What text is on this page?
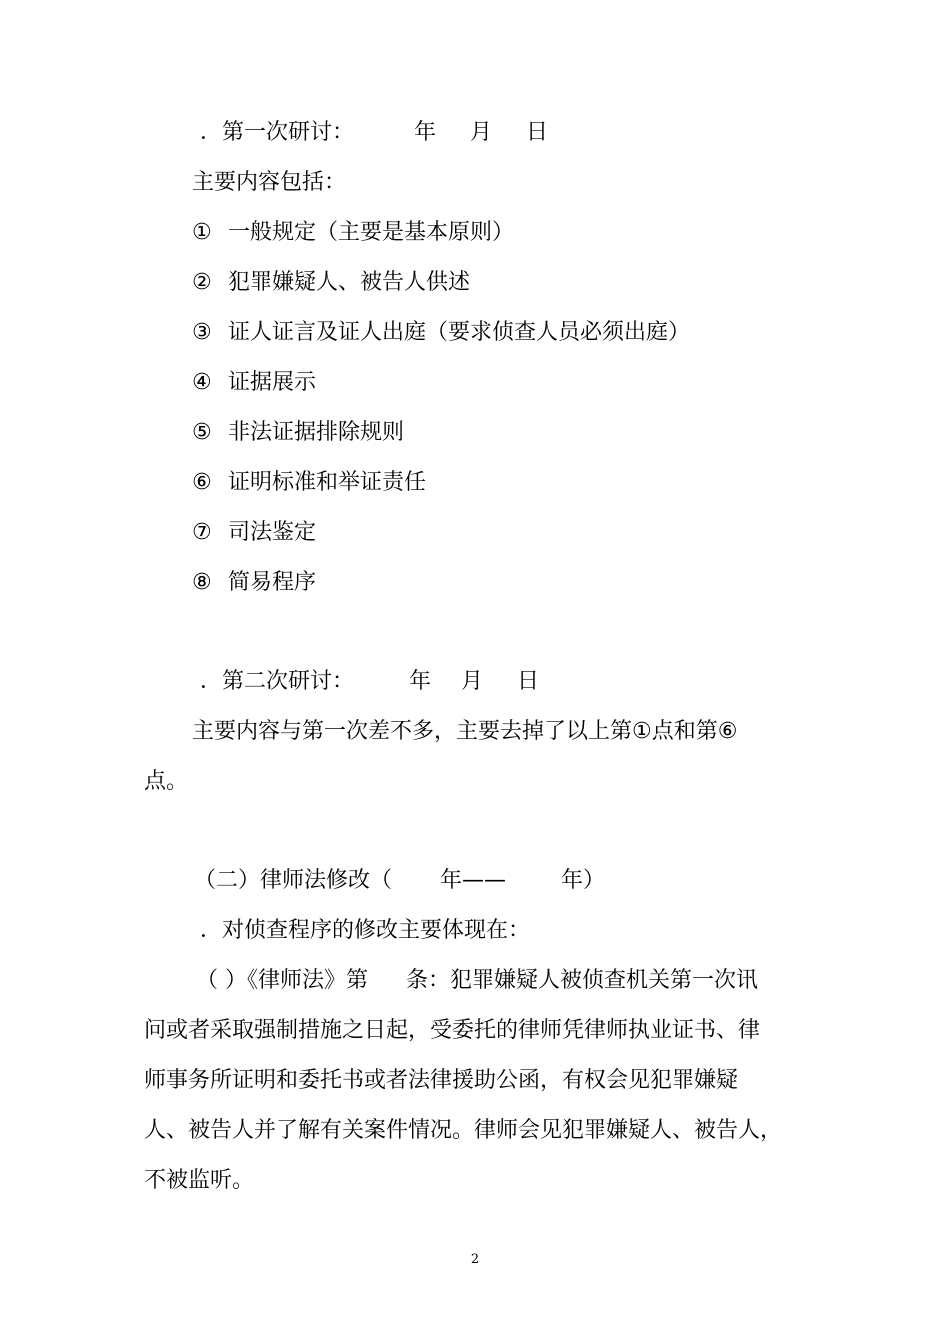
．第一次研讨：	年 月 日
主要内容包括：
① 一般规定（主要是基本原则）
② 犯罪嫌疑人、被告人供述
③ 证人证言及证人出庭（要求侦查人员必须出庭）
④ 证据展示
⑤ 非法证据排除规则
⑥ 证明标准和举证责任
⑦ 司法鉴定
⑧ 简易程序
．第二次研讨：	年 月 日
主要内容与第一次差不多，主要去掉了以上第①点和第⑥
点。
（二）律师法修改（ 年——	年）
．对侦查程序的修改主要体现在：
（ ）《律师法》第 条：犯罪嫌疑人被侦查机关第一次讯
问或者采取强制措施之日起，受委托的律师凭律师执业证书、律
师事务所证明和委托书或者法律援助公函，有权会见犯罪嫌疑
人、被告人并了解有关案件情况。律师会见犯罪嫌疑人、被告人，
不被监听。
2
